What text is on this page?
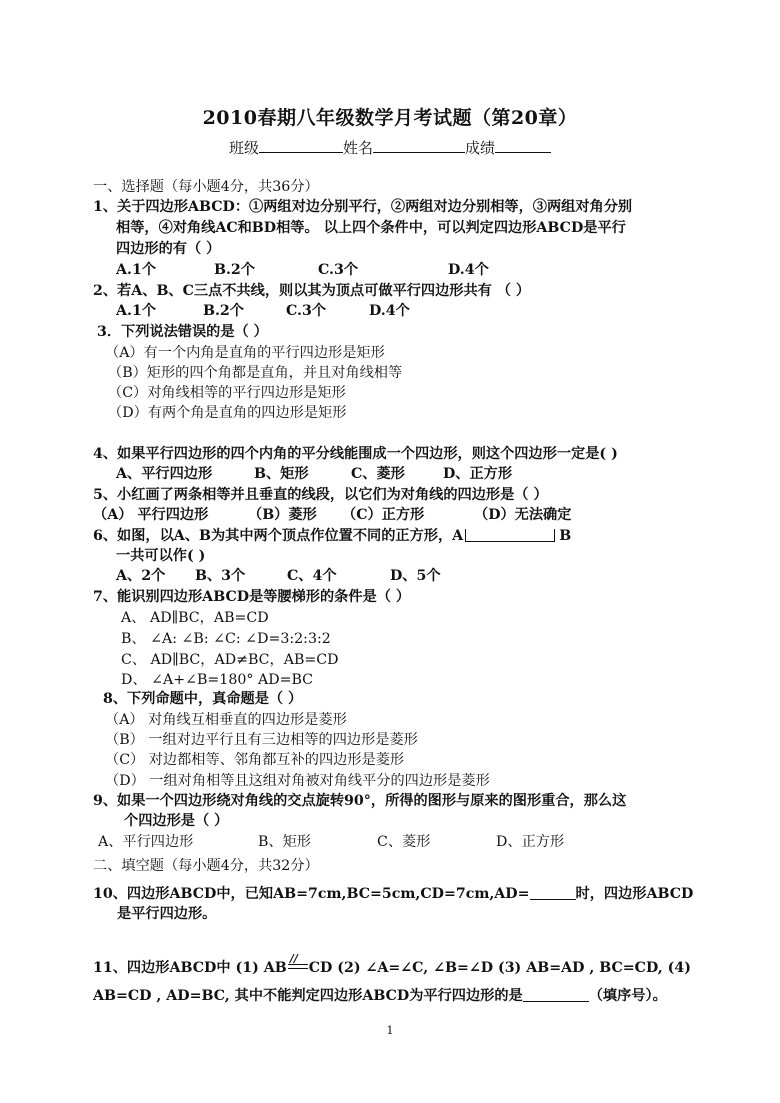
2010春期八年级数学月考试题（第20章）
班级	姓名	成绩
一、选择题（每小题4分，共36分）
1、关于四边形ABCD：①两组对边分别平行，②两组对边分别相等，③两组对角分别
相等，④对角线AC和BD相等。 以上四个条件中，可以判定四边形ABCD是平行
四边形的有（ ）
A.1个	B.2个	C.3个	D.4个
2、若A、B、C三点不共线，则以其为顶点可做平行四边形共有 （ ）
A.1个	B.2个	C.3个	D.4个
3．下列说法错误的是（ ）
（A）有一个内角是直角的平行四边形是矩形
（B）矩形的四个角都是直角，并且对角线相等
（C）对角线相等的平行四边形是矩形
（D）有两个角是直角的四边形是矩形
4、如果平行四边形的四个内角的平分线能围成一个四边形，则这个四边形一定是( )
A、平行四边形	B、矩形	C、菱形	D、正方形
5、小红画了两条相等并且垂直的线段，以它们为对角线的四边形是（ ）
（A） 平行四边形	（B）菱形 （C）正方形	（D）无法确定
6、如图，以A、B为其中两个顶点作位置不同的正方形，A	B
一共可以作( )
A、2个 B、3个	C、4个	D、5个
7、能识别四边形ABCD是等腰梯形的条件是（ ）
A、 AD∥BC，AB=CD
B、 ∠A: ∠B: ∠C: ∠D=3:2:3:2
C、 AD∥BC，AD≠BC，AB=CD
D、 ∠A+∠B=180° AD=BC
8、下列命题中，真命题是（ ）
（A） 对角线互相垂直的四边形是菱形
（B） 一组对边平行且有三边相等的四边形是菱形
（C） 对边都相等、邻角都互补的四边形是菱形
（D） 一组对角相等且这组对角被对角线平分的四边形是菱形
9、如果一个四边形绕对角线的交点旋转90°，所得的图形与原来的图形重合，那么这
个四边形是（ ）
A、平行四边形	B、矩形	C、菱形	D、正方形
二、填空题（每小题4分，共32分）
10、四边形ABCD中，已知AB=7cm,BC=5cm,CD=7cm,AD=	时，四边形ABCD
是平行四边形。
11、四边形ABCD中 (1) AB
//
CD (2) ∠A=∠C, ∠B=∠D (3) AB=AD , BC=CD, (4)
AB=CD , AD=BC, 其中不能判定四边形ABCD为平行四边形的是	（填序号）。
1
